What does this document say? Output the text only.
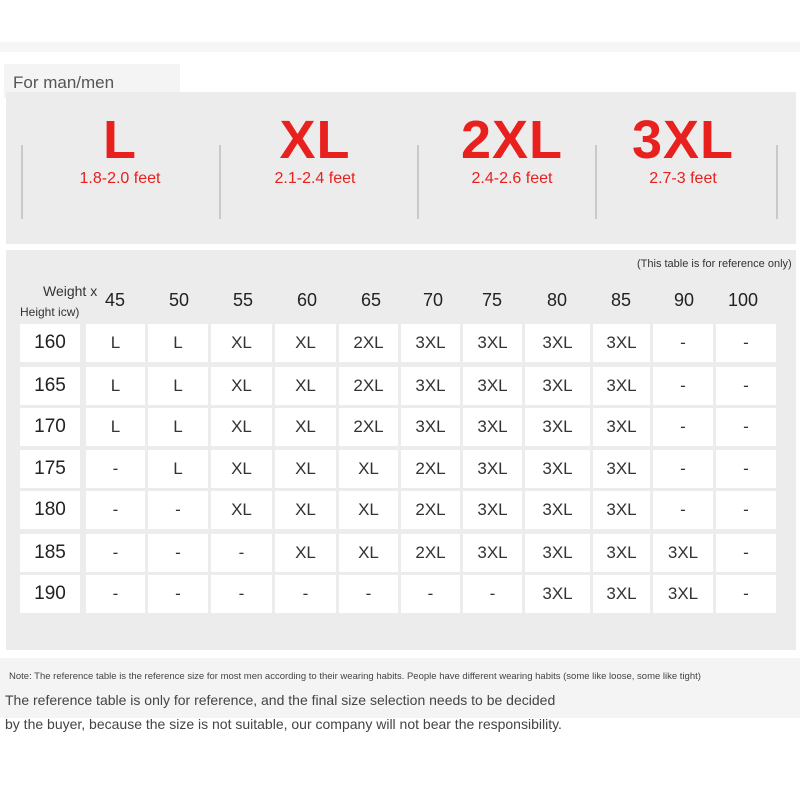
For man/men
L
1.8-2.0 feet
XL
2.1-2.4 feet
2XL
2.4-2.6 feet
3XL
2.7-3 feet
(This table is for reference only)
Weight x
Height icw)
45	50	55	60	65	70	75	80	85	90	100
160	L	L	XL	XL	2XL	3XL	3XL	3XL	3XL	-	-
165	L	L	XL	XL	2XL	3XL	3XL	3XL	3XL	-	-
170	L	L	XL	XL	2XL	3XL	3XL	3XL	3XL	-	-
175	-	L	XL	XL	XL	2XL	3XL	3XL	3XL	-	-
180	-	-	XL	XL	XL	2XL	3XL	3XL	3XL	-	-
185	-	-	-	XL	XL	2XL	3XL	3XL	3XL	3XL	-
190	-	-	-	-	-	-	-	3XL	3XL	3XL	-
Note: The reference table is the reference size for most men according to their wearing habits. People have different wearing habits (some like loose, some like tight)
The reference table is only for reference, and the final size selection needs to be decided
by the buyer, because the size is not suitable, our company will not bear the responsibility.
